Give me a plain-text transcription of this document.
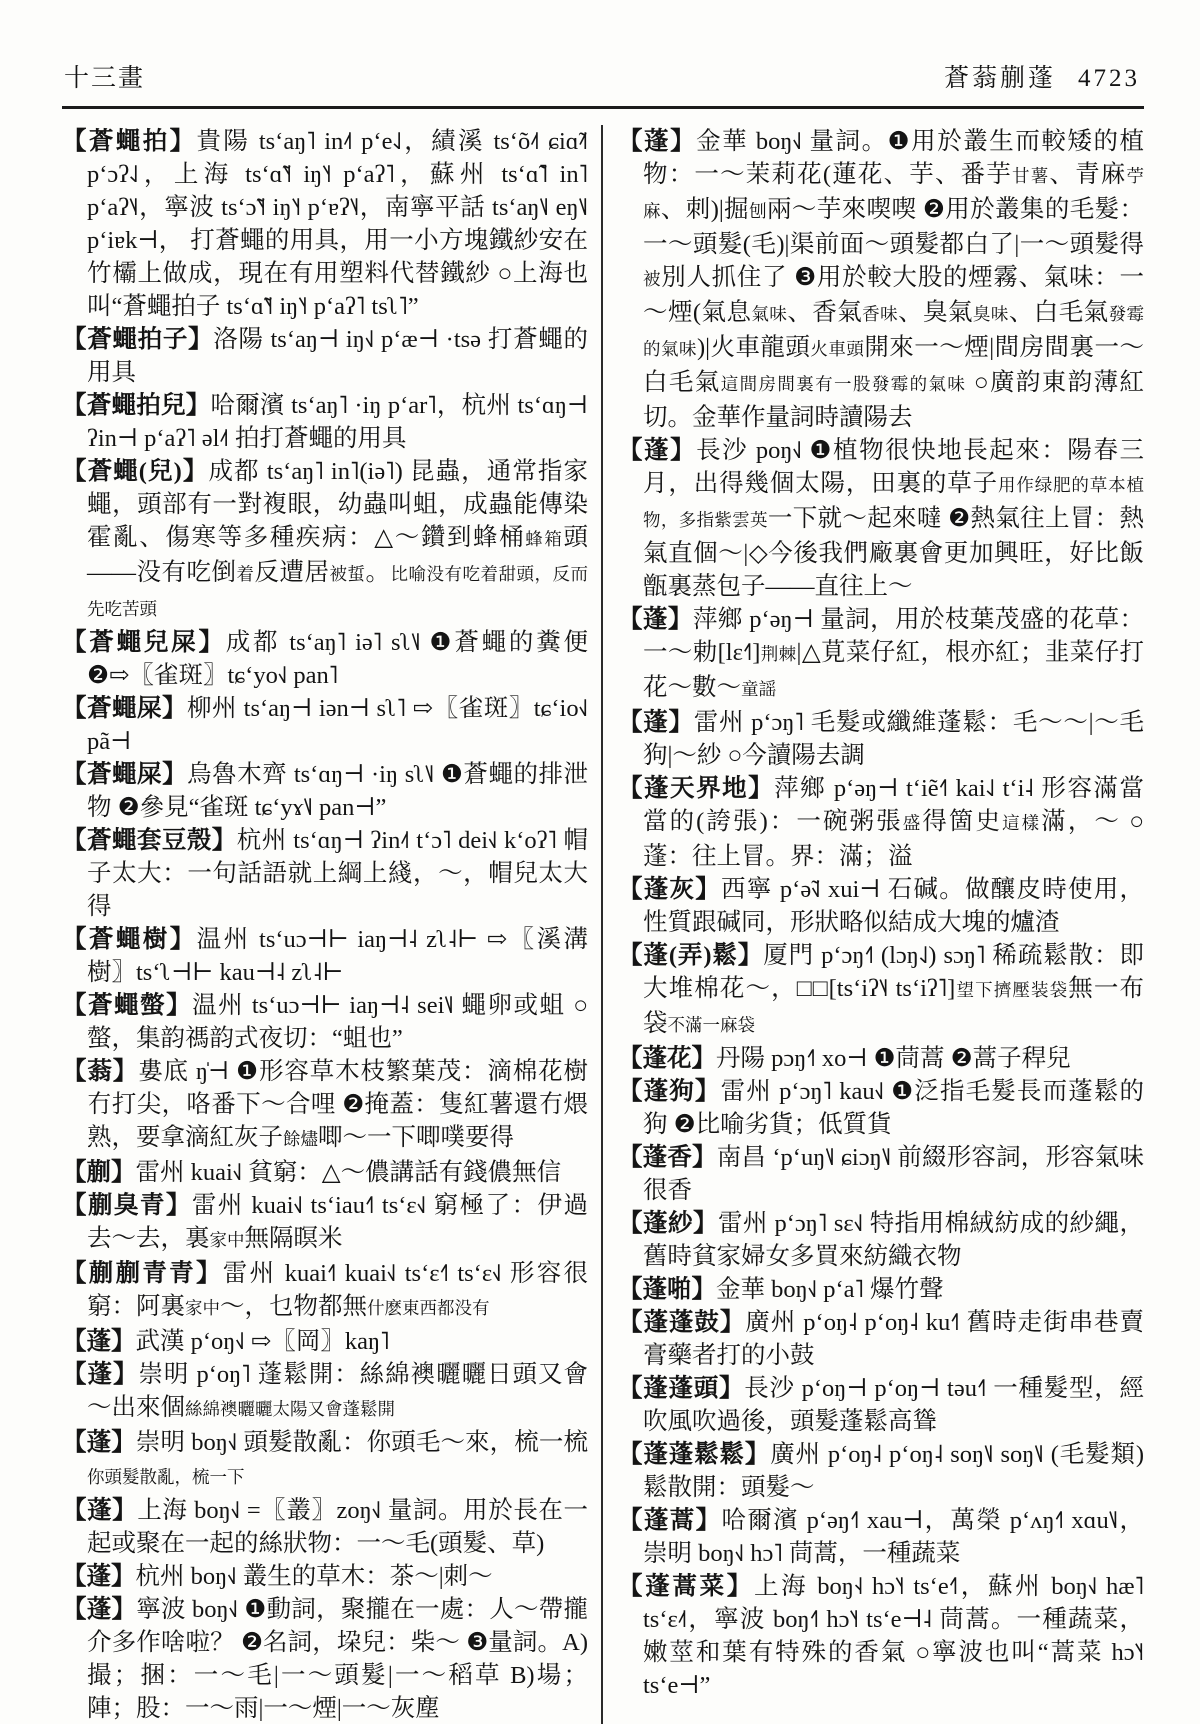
十三畫	蒼蓊蒯蓬 4723
【蒼蠅拍】貴陽 tsʻaŋ˥ in˨˦ pʻe˨˩，績溪 tsʻõ˨˦ ɕiɑ̃˨˦ pʻɔʔ˨˩，上海 tsʻɑ̃˥˧ iŋ˥˧ pʻaʔ˥，蘇州 tsʻɑ̃˥ in˥ pʻaʔ˥˨，寧波 tsʻɔ̃˥˧ iŋ˥˧ pʻɐʔ˥˨，南寧平話 tsʻaŋ˥˩ eŋ˥˩ pʻiɐk⊣， 打蒼蠅的用具，用一小方塊鐵紗安在竹欛上做成，現在有用塑料代替鐵紗 ○上海也叫“蒼蠅拍子 tsʻɑ̃˥˧ iŋ˥˧ pʻaʔ˥ tsʅ˥”
【蒼蠅拍子】洛陽 tsʻaŋ⊣ iŋ˧˩ pʻæ⊣ ·tsə 打蒼蠅的用具
【蒼蠅拍兒】哈爾濱 tsʻaŋ˥ ·iŋ pʻar˥，杭州 tsʻɑŋ⊣ ʔin⊣ pʻaʔ˥ əl˨˦ 拍打蒼蠅的用具
【蒼蠅(兒)】成都 tsʻaŋ˥ in˥(iə˥) 昆蟲，通常指家蠅，頭部有一對複眼，幼蟲叫蛆，成蟲能傳染霍亂、傷寒等多種疾病：△～鑽到蜂桶蜂箱頭——没有吃倒着反遭居被蜇。比喻没有吃着甜頭，反而先吃苦頭
【蒼蠅兒屎】成都 tsʻaŋ˥ iə˥ sʅ˥˩ ❶蒼蠅的糞便 ❷⇨〖雀斑〗tɕʻyo˧˩ pan˥
【蒼蠅屎】柳州 tsʻaŋ⊣ iən⊣ sʅ˥ ⇨〖雀斑〗tɕʻio˧˩ pã⊣
【蒼蠅屎】烏魯木齊 tsʻɑŋ⊣ ·iŋ sʅ˥˩ ❶蒼蠅的排泄物 ❷參見“雀斑 tɕʻyɤ˥˩ pan⊣”
【蒼蠅套豆殼】杭州 tsʻɑŋ⊣ ʔin˨˦ tʻɔ˥ dei˧˩ kʻoʔ˥ 帽子太大：一句話語就上綱上綫，～，帽兒太大得
【蒼蠅樹】温州 tsʻuɔ⊣⊢ iaŋ⊣˨ zʅ˨⊢ ⇨〖溪溝樹〗tsʻʅ⊣⊢ kau⊣˨ zʅ˨⊢
【蒼蠅螫】温州 tsʻuɔ⊣⊢ iaŋ⊣˨ sei˥˩ 蠅卵或蛆 ○螫，集韵禡韵式夜切：“蛆也”
【蓊】婁底 ŋ̍⊣ ❶形容草木枝繁葉茂：滴棉花樹冇打尖，咯番下～合哩 ❷掩蓋：隻紅薯還冇煨熟，要拿滴紅灰子餘燼唧～一下唧噗要得
【蒯】雷州 kuai˧˩ 貧窮：△～儂講話有錢儂無信
【蒯臭青】雷州 kuai˧˩ tsʻiau˧˥ tsʻɛ˧˩ 窮極了：伊過去～去，裏家中無隔暝米
【蒯蒯青青】雷州 kuai˧˥ kuai˧˩ tsʻɛ˧˥ tsʻɛ˧˩ 形容很窮：阿裏家中～，乜物都無什麽東西都没有
【蓬】武漢 pʻoŋ˧˩ ⇨〖岡〗kaŋ˥
【蓬】崇明 pʻoŋ˥ 蓬鬆開：絲綿襖曬曬日頭又會～出來個絲綿襖曬曬太陽又會蓬鬆開
【蓬】崇明 boŋ˧˩ 頭髮散亂：你頭毛～來，梳一梳你頭髮散亂，梳一下
【蓬】上海 boŋ˧˩ =〖叢〗zoŋ˧˩ 量詞。用於長在一起或聚在一起的絲狀物：一～毛(頭髮、草)
【蓬】杭州 boŋ˧˩ 叢生的草木：茶～|刺～
【蓬】寧波 boŋ˧˩ ❶動詞，聚攏在一處：人～帶攏介多作啥啦？ ❷名詞，垜兒：柴～ ❸量詞。A)撮；捆：一～毛|一～頭髮|一～稻草 B)場；陣；股：一～雨|一～煙|一～灰塵
【蓬】金華 boŋ˧˩ 量詞。❶用於叢生而較矮的植物：一～茉莉花(蓮花、芋、番芋甘薯、青麻苧麻、刺)|掘刨兩～芋來喫喫 ❷用於叢集的毛髮：一～頭髮(毛)|渠前面～頭髮都白了|一～頭髮得被別人抓住了 ❸用於較大股的煙霧、氣味：一～煙(氣息氣味、香氣香味、臭氣臭味、白毛氣發霉的氣味)|火車龍頭火車頭開來一～煙|間房間裏一～白毛氣這間房間裏有一股發霉的氣味 ○廣韵東韵薄紅切。金華作量詞時讀陽去
【蓬】長沙 poŋ˧˩ ❶植物很快地長起來：陽春三月，出得幾個太陽，田裏的草子用作绿肥的草本植物，多指紫雲英一下就～起來噠 ❷熱氣往上冒：熱氣直個～|◇今後我們廠裏會更加興旺，好比飯甑裏蒸包子——直往上～
【蓬】萍鄉 pʻəŋ⊣ 量詞，用於枝葉茂盛的花草：一～勅[lɛ˧˥]荆棘|△莧菜仔紅，根亦紅；韭菜仔打花～數～童謡
【蓬】雷州 pʻɔŋ˥ 毛髮或纖維蓬鬆：毛～～|～毛狗|～紗 ○今讀陽去調
【蓬天界地】萍鄉 pʻəŋ⊣ tʻiẽ˧˥ kai˨˩ tʻi˨ 形容滿當當的(誇張)：一碗粥張盛得箇史這樣滿，～ ○蓬：往上冒。界：滿；溢
【蓬灰】西寧 pʻə̃˧˩ xui⊣ 石碱。做釀皮時使用，性質跟碱同，形狀略似結成大塊的爐渣
【蓬(弄)鬆】厦門 pʻɔŋ˧˥ (lɔŋ˨˩) sɔŋ˥ 稀疏鬆散：即大堆棉花～，□□[tsʻiʔ˥˨ tsʻiʔ˥]望下擠壓装袋無一布袋不滿一麻袋
【蓬花】丹陽 pɔŋ˧˥ xo⊣ ❶茼蒿 ❷蒿子稈兒
【蓬狗】雷州 pʻɔŋ˥ kau˧˩ ❶泛指毛髮長而蓬鬆的狗 ❷比喻劣貨；低質貨
【蓬香】南昌 ʻpʻuŋ˥˩ ɕiɔŋ˥˩ 前綴形容詞，形容氣味很香
【蓬紗】雷州 pʻɔŋ˥ sɛ˧˩ 特指用棉絨紡成的紗繩，舊時貧家婦女多買來紡織衣物
【蓬啪】金華 boŋ˧˩ pʻa˥ 爆竹聲
【蓬蓬鼓】廣州 pʻoŋ˨ pʻoŋ˨ ku˧˥ 舊時走街串巷賣膏藥者打的小鼓
【蓬蓬頭】長沙 pʻoŋ⊣ pʻoŋ⊣ təu˧˥ 一種髮型，經吹風吹過後，頭髮蓬鬆高聳
【蓬蓬鬆鬆】廣州 pʻoŋ˨ pʻoŋ˨ soŋ˥˩ soŋ˥˩ (毛髮類)鬆散開：頭髮～
【蓬蒿】哈爾濱 pʻəŋ˧˥ xau⊣，萬榮 pʻʌŋ˧˥ xɑu˥˩，崇明 boŋ˧˩ hɔ˥ 茼蒿，一種蔬菜
【蓬蒿菜】上海 boŋ˧˨ hɔ˥˧ tsʻe˧˥，蘇州 boŋ˧˩ hæ˥ tsʻɛ˨˦，寧波 boŋ˧˥ hɔ˥˧ tsʻe⊣˨ 茼蒿。一種蔬菜，嫩莖和葉有特殊的香氣 ○寧波也叫“蒿菜 hɔ˥˧ tsʻe⊣”
